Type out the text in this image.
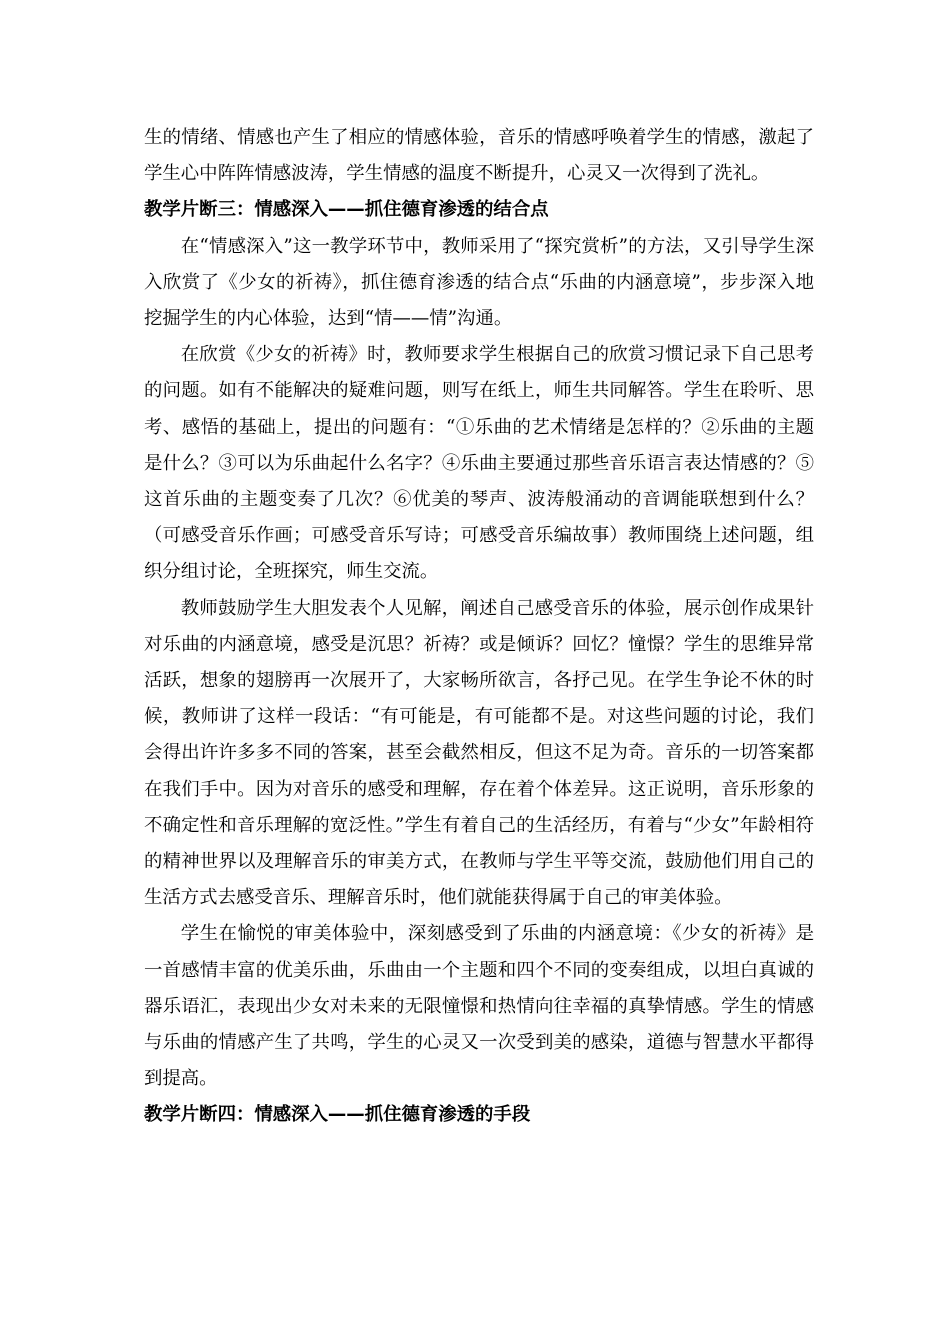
生的情绪、情感也产生了相应的情感体验，音乐的情感呼唤着学生的情感，激起了学生心中阵阵情感波涛，学生情感的温度不断提升，心灵又一次得到了洗礼。

教学片断三：情感深入——抓住德育渗透的结合点

在“情感深入”这一教学环节中，教师采用了“探究赏析”的方法，又引导学生深入欣赏了《少女的祈祷》，抓住德育渗透的结合点“乐曲的内涵意境”，步步深入地挖掘学生的内心体验，达到“情——情”沟通。

在欣赏《少女的祈祷》时，教师要求学生根据自己的欣赏习惯记录下自己思考的问题。如有不能解决的疑难问题，则写在纸上，师生共同解答。学生在聆听、思考、感悟的基础上，提出的问题有：“①乐曲的艺术情绪是怎样的？②乐曲的主题是什么？③可以为乐曲起什么名字？④乐曲主要通过那些音乐语言表达情感的？⑤这首乐曲的主题变奏了几次？⑥优美的琴声、波涛般涌动的音调能联想到什么？（可感受音乐作画；可感受音乐写诗；可感受音乐编故事）教师围绕上述问题，组织分组讨论，全班探究，师生交流。

教师鼓励学生大胆发表个人见解，阐述自己感受音乐的体验，展示创作成果针对乐曲的内涵意境，感受是沉思？祈祷？或是倾诉？回忆？憧憬？学生的思维异常活跃，想象的翅膀再一次展开了，大家畅所欲言，各抒己见。在学生争论不休的时候，教师讲了这样一段话：“有可能是，有可能都不是。对这些问题的讨论，我们会得出许许多多不同的答案，甚至会截然相反，但这不足为奇。音乐的一切答案都在我们手中。因为对音乐的感受和理解，存在着个体差异。这正说明，音乐形象的不确定性和音乐理解的宽泛性。”学生有着自己的生活经历，有着与“少女”年龄相符的精神世界以及理解音乐的审美方式，在教师与学生平等交流，鼓励他们用自己的生活方式去感受音乐、理解音乐时，他们就能获得属于自己的审美体验。

学生在愉悦的审美体验中，深刻感受到了乐曲的内涵意境：《少女的祈祷》是一首感情丰富的优美乐曲，乐曲由一个主题和四个不同的变奏组成，以坦白真诚的器乐语汇，表现出少女对未来的无限憧憬和热情向往幸福的真挚情感。学生的情感与乐曲的情感产生了共鸣，学生的心灵又一次受到美的感染，道德与智慧水平都得到提高。

教学片断四：情感深入——抓住德育渗透的手段
